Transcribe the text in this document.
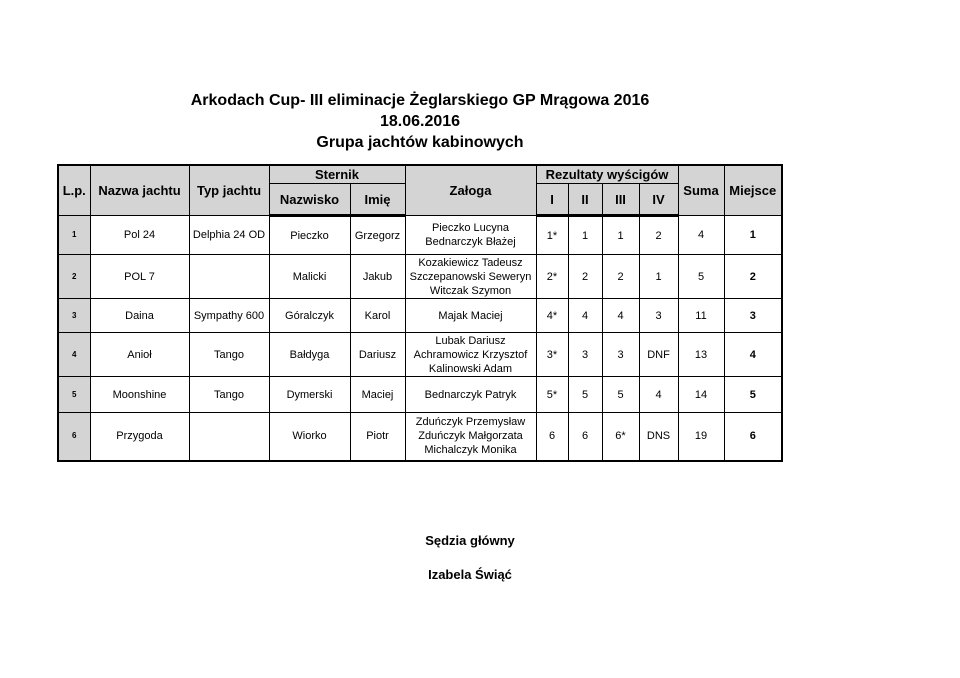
Arkodach Cup- III eliminacje Żeglarskiego GP Mrągowa 2016
18.06.2016
Grupa jachtów kabinowych
L.p.	Nazwa jachtu	Typ jachtu	Sternik		Załoga	Rezultaty wyścigów				Suma	Miejsce
			Nazwisko	Imię		I	II	III	IV		
1	Pol 24	Delphia 24 OD	Pieczko	Grzegorz	Pieczko Lucyna
Bednarczyk Błażej	1*	1	1	2	4	1
2	POL 7		Malicki	Jakub	Kozakiewicz Tadeusz
Szczepanowski Seweryn
Witczak Szymon	2*	2	2	1	5	2
3	Daina	Sympathy 600	Góralczyk	Karol	Majak Maciej	4*	4	4	3	11	3
4	Anioł	Tango	Bałdyga	Dariusz	Lubak Dariusz
Achramowicz Krzysztof
Kalinowski Adam	3*	3	3	DNF	13	4
5	Moonshine	Tango	Dymerski	Maciej	Bednarczyk Patryk	5*	5	5	4	14	5
6	Przygoda		Wiorko	Piotr	Zduńczyk Przemysław
Zduńczyk Małgorzata
Michalczyk Monika	6	6	6*	DNS	19	6
Sędzia główny
Izabela Świąć
